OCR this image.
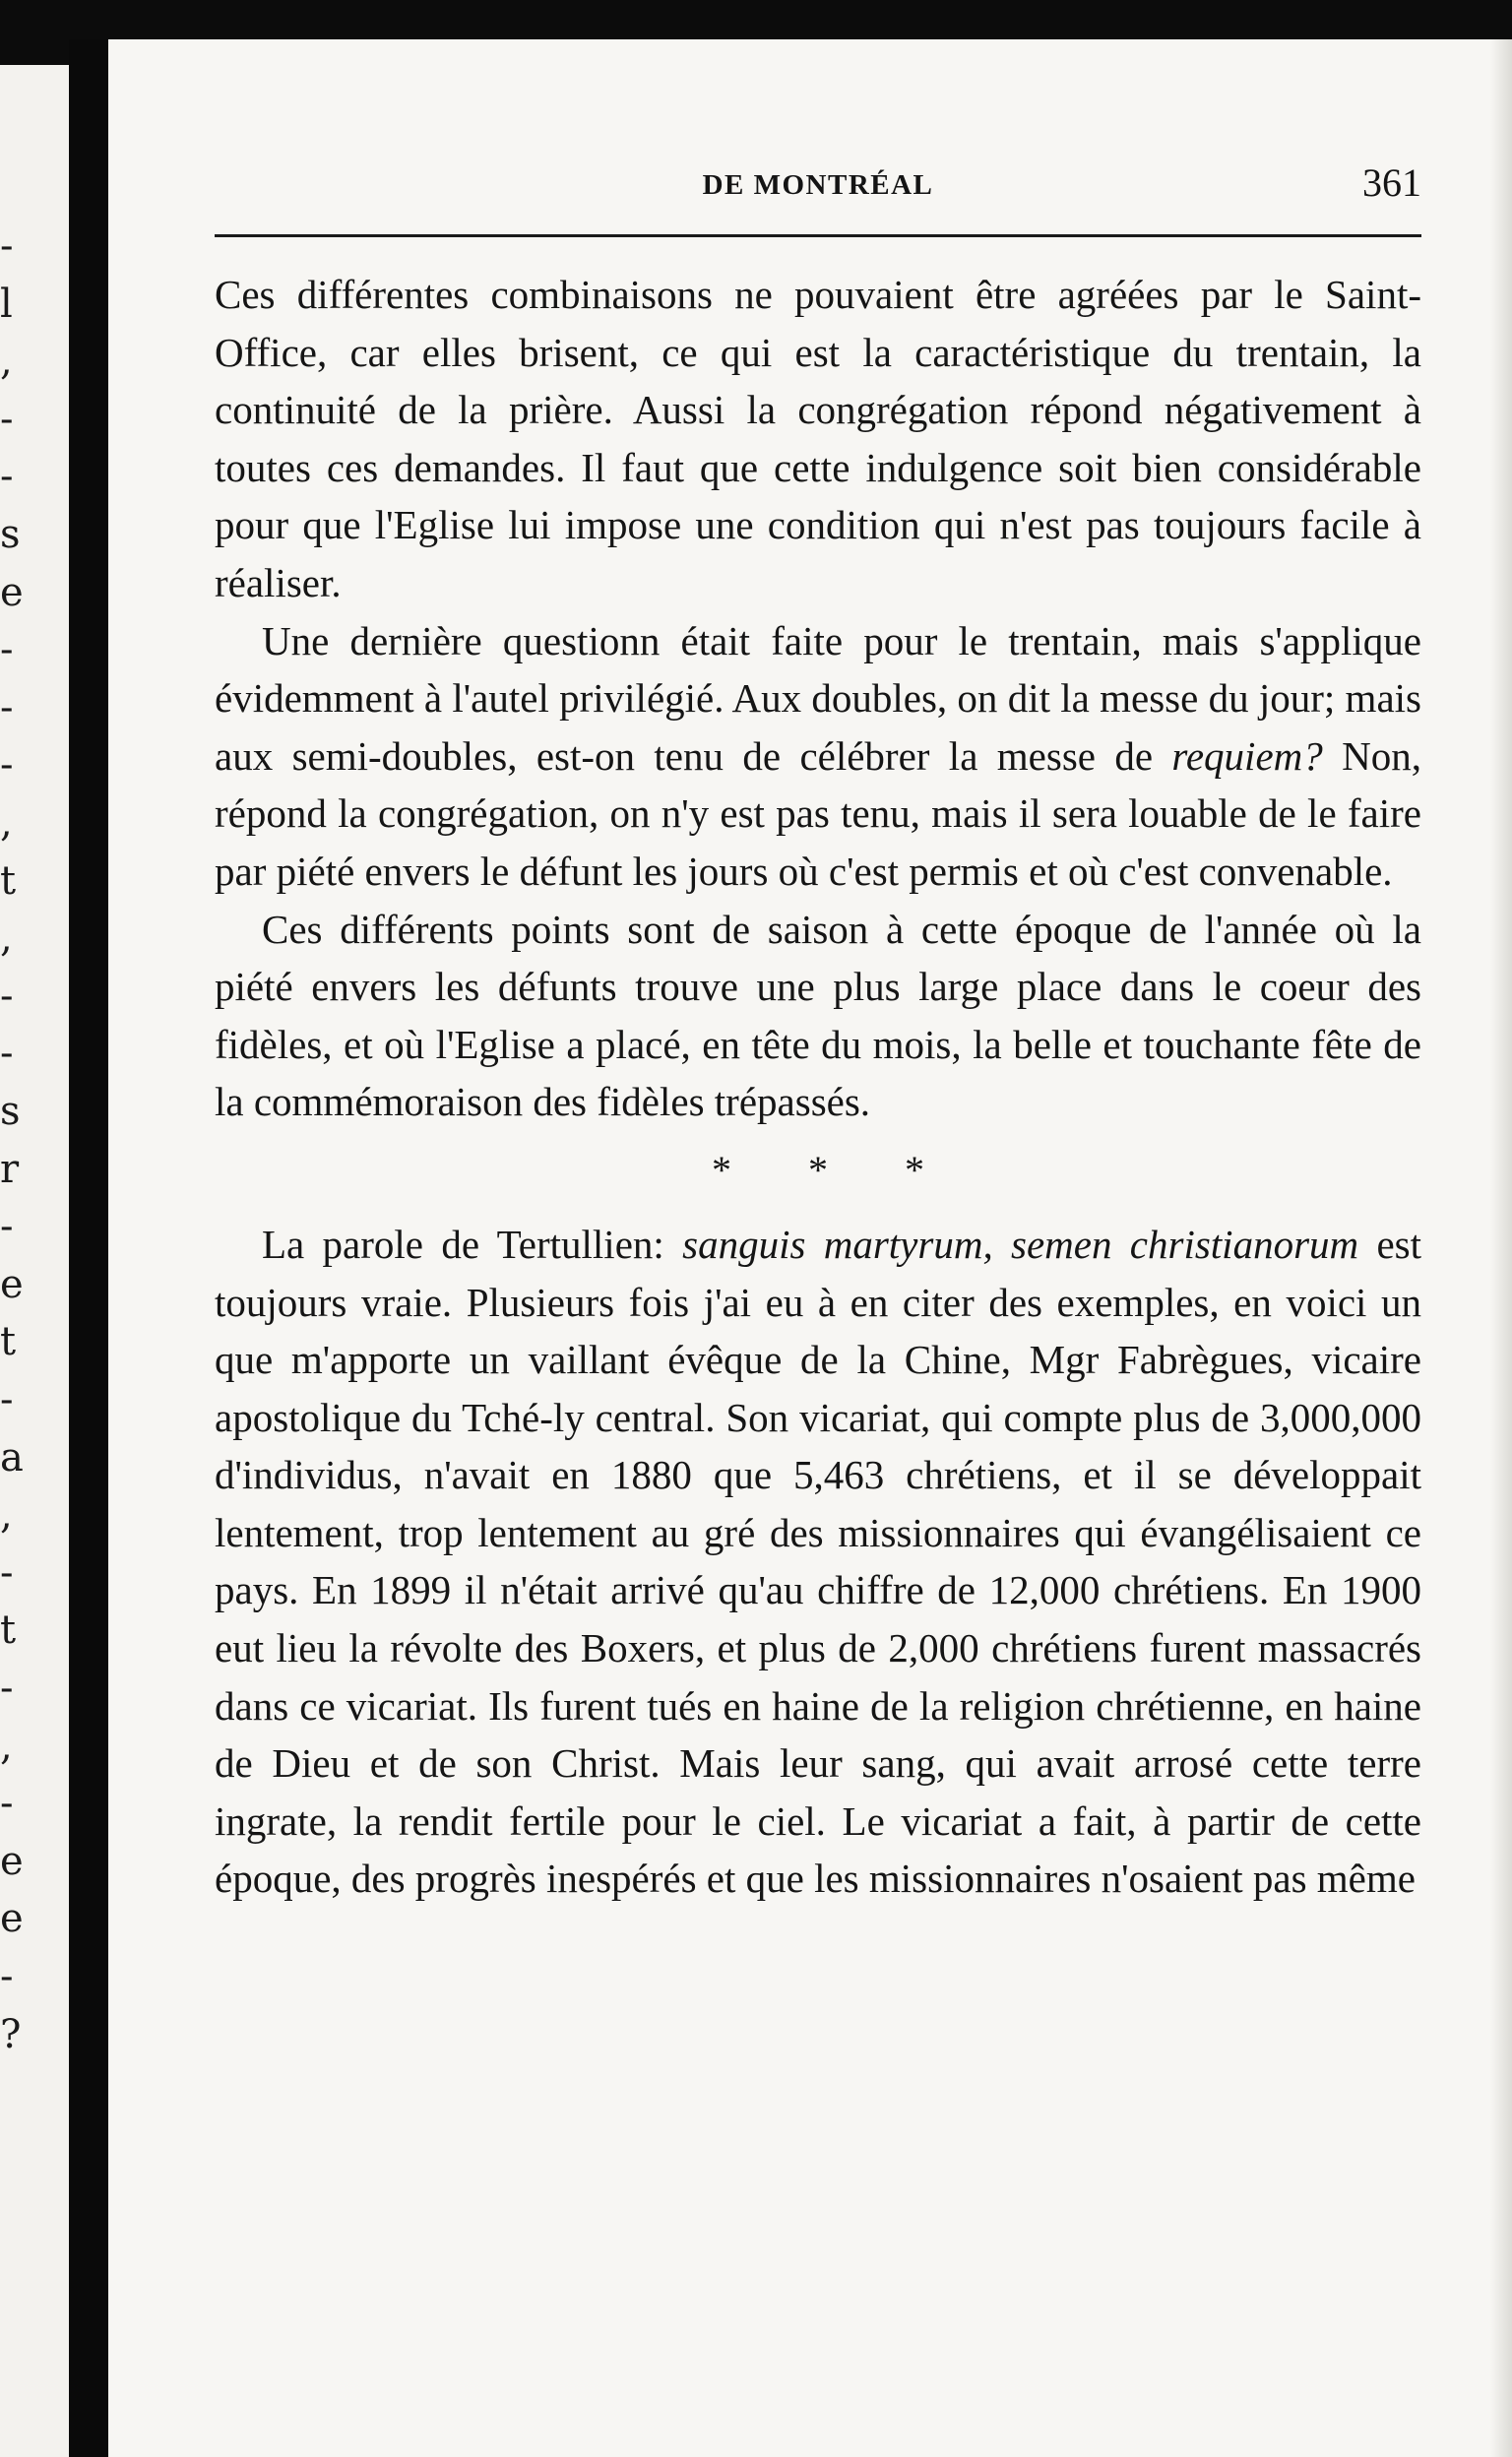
-
l
,
-
-
s
e
-
-
-
,
t
,
-
-
s
r
-
e
t
-
a
,
-
t
-
,
-
e
e
-
?
DE MONTRÉAL	361

Ces différentes combinaisons ne pouvaient être agréées par le Saint-Office, car elles brisent, ce qui est la caractéristique du trentain, la continuité de la prière. Aussi la congrégation répond négativement à toutes ces demandes. Il faut que cette indulgence soit bien considérable pour que l'Eglise lui impose une condition qui n'est pas toujours facile à réaliser.

Une dernière questionn était faite pour le trentain, mais s'applique évidemment à l'autel privilégié. Aux doubles, on dit la messe du jour; mais aux semi-doubles, est-on tenu de célébrer la messe de requiem? Non, répond la congrégation, on n'y est pas tenu, mais il sera louable de le faire par piété envers le défunt les jours où c'est permis et où c'est convenable.

Ces différents points sont de saison à cette époque de l'année où la piété envers les défunts trouve une plus large place dans le coeur des fidèles, et où l'Eglise a placé, en tête du mois, la belle et touchante fête de la commémoraison des fidèles trépassés.

* * *

La parole de Tertullien: sanguis martyrum, semen christianorum est toujours vraie. Plusieurs fois j'ai eu à en citer des exemples, en voici un que m'apporte un vaillant évêque de la Chine, Mgr Fabrègues, vicaire apostolique du Tché-ly central. Son vicariat, qui compte plus de 3,000,000 d'individus, n'avait en 1880 que 5,463 chrétiens, et il se développait lentement, trop lentement au gré des missionnaires qui évangélisaient ce pays. En 1899 il n'était arrivé qu'au chiffre de 12,000 chrétiens. En 1900 eut lieu la révolte des Boxers, et plus de 2,000 chrétiens furent massacrés dans ce vicariat. Ils furent tués en haine de la religion chrétienne, en haine de Dieu et de son Christ. Mais leur sang, qui avait arrosé cette terre ingrate, la rendit fertile pour le ciel. Le vicariat a fait, à partir de cette époque, des progrès inespérés et que les missionnaires n'osaient pas même
